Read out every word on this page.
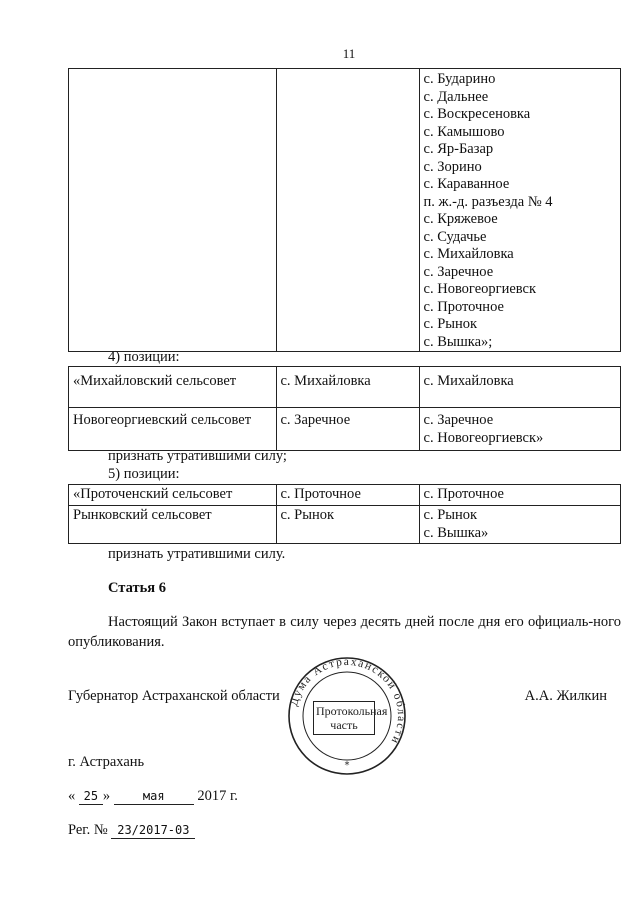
11

с. Бударино
с. Дальнее
с. Воскресеновка
с. Камышово
с. Яр-Базар
с. Зорино
с. Караванное
п. ж.-д. разъезда № 4
с. Кряжевое
с. Судачье
с. Михайловка
с. Заречное
с. Новогеоргиевск
с. Проточное
с. Рынок
с. Вышка»;
4) позиции:
«Михайловский сельсовет	с. Михайловка	с. Михайловка

Новогеоргиевский сельсовет	с. Заречное	с. Заречное
с. Новогеоргиевск»
признать утратившими силу;
5) позиции:
«Проточенский сельсовет	с. Проточное	с. Проточное

Рынковский сельсовет	с. Рынок	с. Рынок
с. Вышка»
признать утратившими силу.
Статья 6
Настоящий Закон вступает в силу через десять дней после дня его официаль-ного опубликования.
Губернатор Астраханской области	А.А. Жилкин
Дума Астраханской области
*
Протокольная часть
г. Астрахань
« 25 »	мая 2017 г.
Рег. № 23/2017-03
